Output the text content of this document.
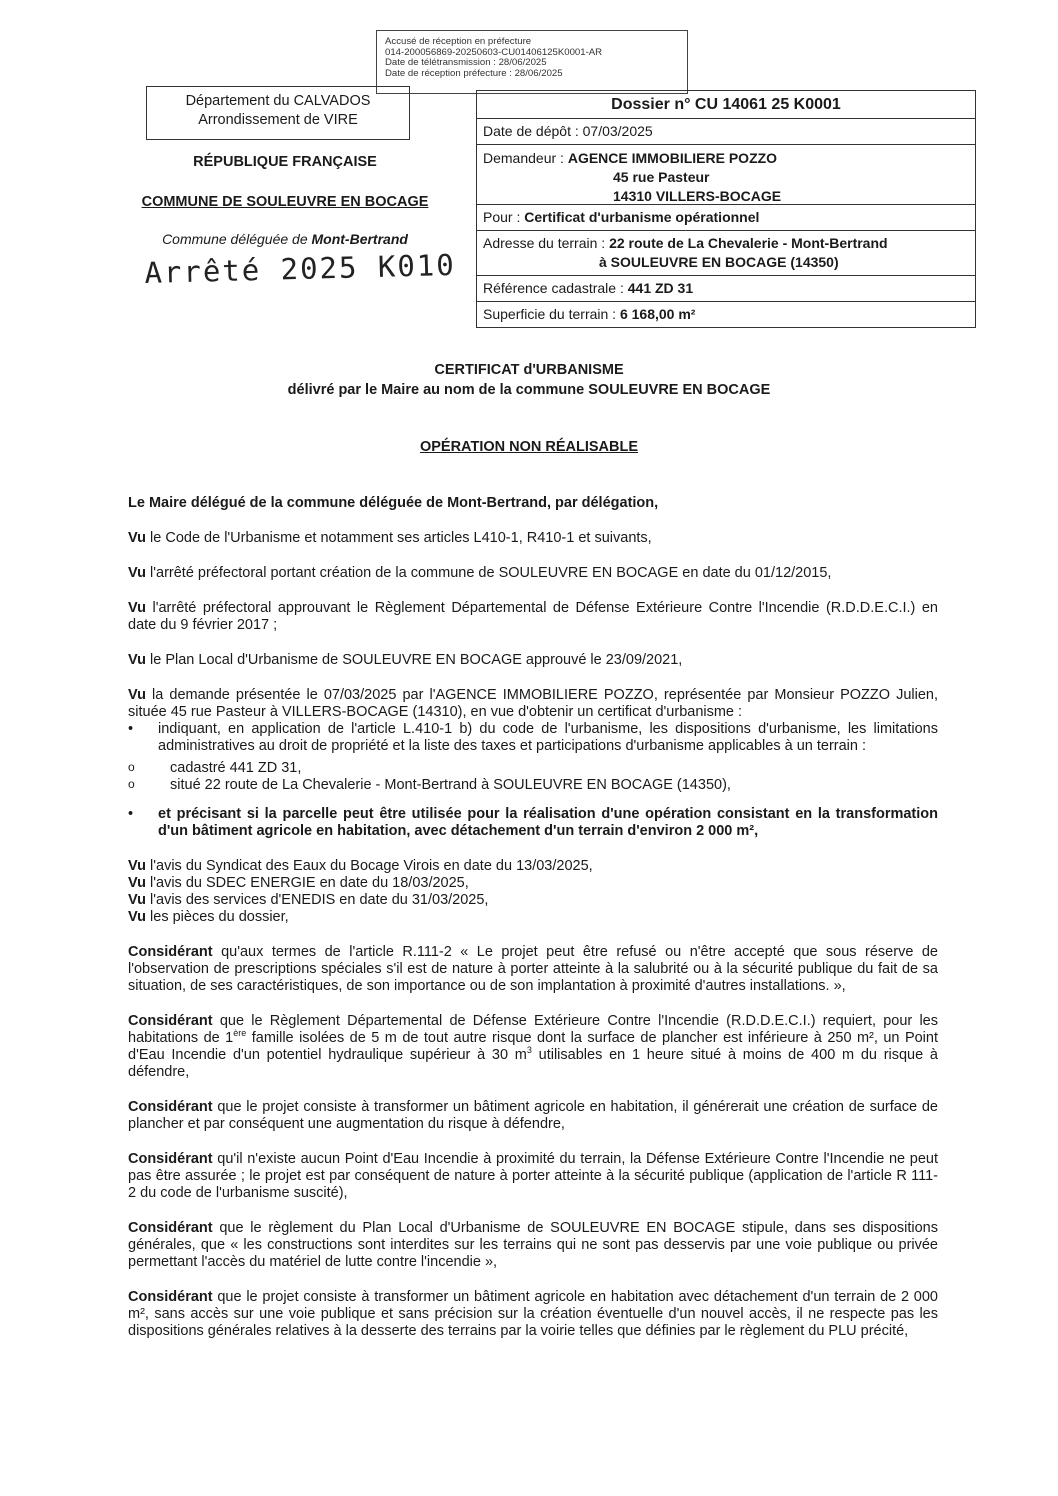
Accusé de réception en préfecture
014-200056869-20250603-CU01406125K0001-AR
Date de télétransmission : 28/06/2025
Date de réception préfecture : 28/06/2025
Département du CALVADOS
Arrondissement de VIRE
RÉPUBLIQUE FRANÇAISE
COMMUNE DE SOULEUVRE EN BOCAGE
Commune déléguée de Mont-Bertrand
Arrêté 2025 K010
Dossier n° CU 14061 25 K0001
Date de dépôt : 07/03/2025
Demandeur : AGENCE IMMOBILIERE POZZO
45 rue Pasteur
14310 VILLERS-BOCAGE
Pour : Certificat d'urbanisme opérationnel
Adresse du terrain : 22 route de La Chevalerie - Mont-Bertrand
à SOULEUVRE EN BOCAGE (14350)
Référence cadastrale : 441 ZD 31
Superficie du terrain : 6 168,00 m²
CERTIFICAT d'URBANISME
délivré par le Maire au nom de la commune SOULEUVRE EN BOCAGE
OPÉRATION NON RÉALISABLE

Le Maire délégué de la commune déléguée de Mont-Bertrand, par délégation,

Vu le Code de l'Urbanisme et notamment ses articles L410-1, R410-1 et suivants,

Vu l'arrêté préfectoral portant création de la commune de SOULEUVRE EN BOCAGE en date du 01/12/2015,

Vu l'arrêté préfectoral approuvant le Règlement Départemental de Défense Extérieure Contre l'Incendie (R.D.D.E.C.I.) en date du 9 février 2017 ;

Vu le Plan Local d'Urbanisme de SOULEUVRE EN BOCAGE approuvé le 23/09/2021,

Vu la demande présentée le 07/03/2025 par l'AGENCE IMMOBILIERE POZZO, représentée par Monsieur POZZO Julien, située 45 rue Pasteur à VILLERS-BOCAGE (14310), en vue d'obtenir un certificat d'urbanisme :

• indiquant, en application de l'article L.410-1 b) du code de l'urbanisme, les dispositions d'urbanisme, les limitations administratives au droit de propriété et la liste des taxes et participations d'urbanisme applicables à un terrain :

o cadastré 441 ZD 31,

o situé 22 route de La Chevalerie - Mont-Bertrand à SOULEUVRE EN BOCAGE (14350),

• et précisant si la parcelle peut être utilisée pour la réalisation d'une opération consistant en la transformation d'un bâtiment agricole en habitation, avec détachement d'un terrain d'environ 2 000 m²,

Vu l'avis du Syndicat des Eaux du Bocage Virois en date du 13/03/2025,

Vu l'avis du SDEC ENERGIE en date du 18/03/2025,

Vu l'avis des services d'ENEDIS en date du 31/03/2025,

Vu les pièces du dossier,

Considérant qu'aux termes de l'article R.111-2 « Le projet peut être refusé ou n'être accepté que sous réserve de l'observation de prescriptions spéciales s'il est de nature à porter atteinte à la salubrité ou à la sécurité publique du fait de sa situation, de ses caractéristiques, de son importance ou de son implantation à proximité d'autres installations. »,

Considérant que le Règlement Départemental de Défense Extérieure Contre l'Incendie (R.D.D.E.C.I.) requiert, pour les habitations de 1ère famille isolées de 5 m de tout autre risque dont la surface de plancher est inférieure à 250 m², un Point d'Eau Incendie d'un potentiel hydraulique supérieur à 30 $m^3$ utilisables en 1 heure situé à moins de 400 m du risque à défendre,

Considérant que le projet consiste à transformer un bâtiment agricole en habitation, il générerait une création de surface de plancher et par conséquent une augmentation du risque à défendre,

Considérant qu'il n'existe aucun Point d'Eau Incendie à proximité du terrain, la Défense Extérieure Contre l'Incendie ne peut pas être assurée ; le projet est par conséquent de nature à porter atteinte à la sécurité publique (application de l'article R 111-2 du code de l'urbanisme suscité),

Considérant que le règlement du Plan Local d'Urbanisme de SOULEUVRE EN BOCAGE stipule, dans ses dispositions générales, que « les constructions sont interdites sur les terrains qui ne sont pas desservis par une voie publique ou privée permettant l'accès du matériel de lutte contre l'incendie »,

Considérant que le projet consiste à transformer un bâtiment agricole en habitation avec détachement d'un terrain de 2 000 m², sans accès sur une voie publique et sans précision sur la création éventuelle d'un nouvel accès, il ne respecte pas les dispositions générales relatives à la desserte des terrains par la voirie telles que définies par le règlement du PLU précité,
